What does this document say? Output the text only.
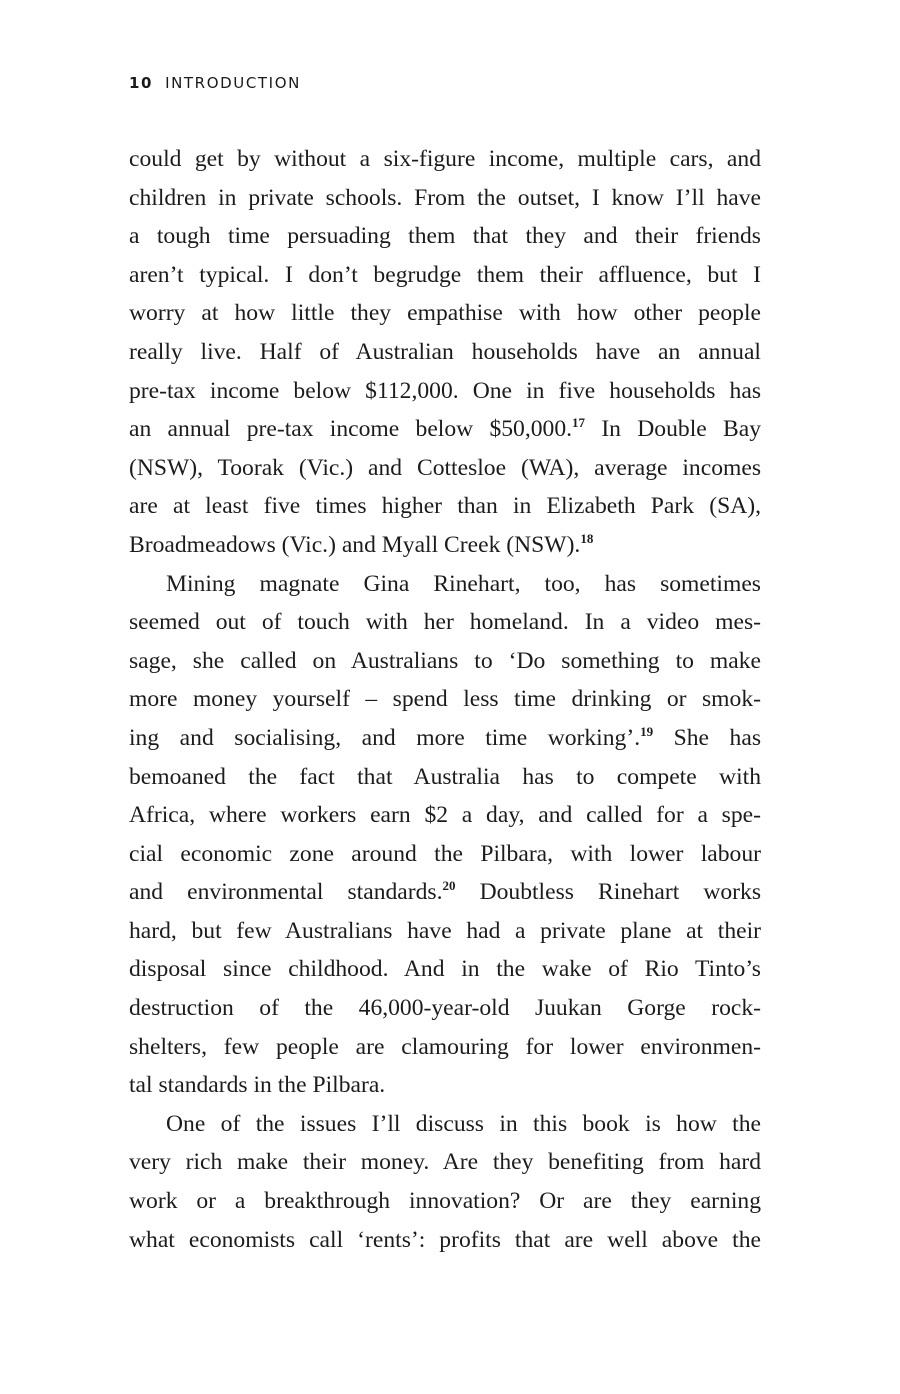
10 INTRODUCTION

could get by without a six-figure income, multiple cars, and
children in private schools. From the outset, I know I’ll have
a tough time persuading them that they and their friends
aren’t typical. I don’t begrudge them their affluence, but I
worry at how little they empathise with how other people
really live. Half of Australian households have an annual
pre-tax income below $112,000. One in five households has
an annual pre-tax income below $50,000.17 In Double Bay
(NSW), Toorak (Vic.) and Cottesloe (WA), average incomes
are at least five times higher than in Elizabeth Park (SA),
Broadmeadows (Vic.) and Myall Creek (NSW).$^{18}$

Mining magnate Gina Rinehart, too, has sometimes
seemed out of touch with her homeland. In a video mes-
sage, she called on Australians to ‘Do something to make
more money yourself – spend less time drinking or smok-
ing and socialising, and more time working’.$^{19}$ She has
bemoaned the fact that Australia has to compete with
Africa, where workers earn $2 a day, and called for a spe-
cial economic zone around the Pilbara, with lower labour
and environmental standards.$^{20}$ Doubtless Rinehart works
hard, but few Australians have had a private plane at their
disposal since childhood. And in the wake of Rio Tinto’s
destruction of the 46,000-year-old Juukan Gorge rock-
shelters, few people are clamouring for lower environmen-
tal standards in the Pilbara.

One of the issues I’ll discuss in this book is how the
very rich make their money. Are they benefiting from hard
work or a breakthrough innovation? Or are they earning
what economists call ‘rents’: profits that are well above the
